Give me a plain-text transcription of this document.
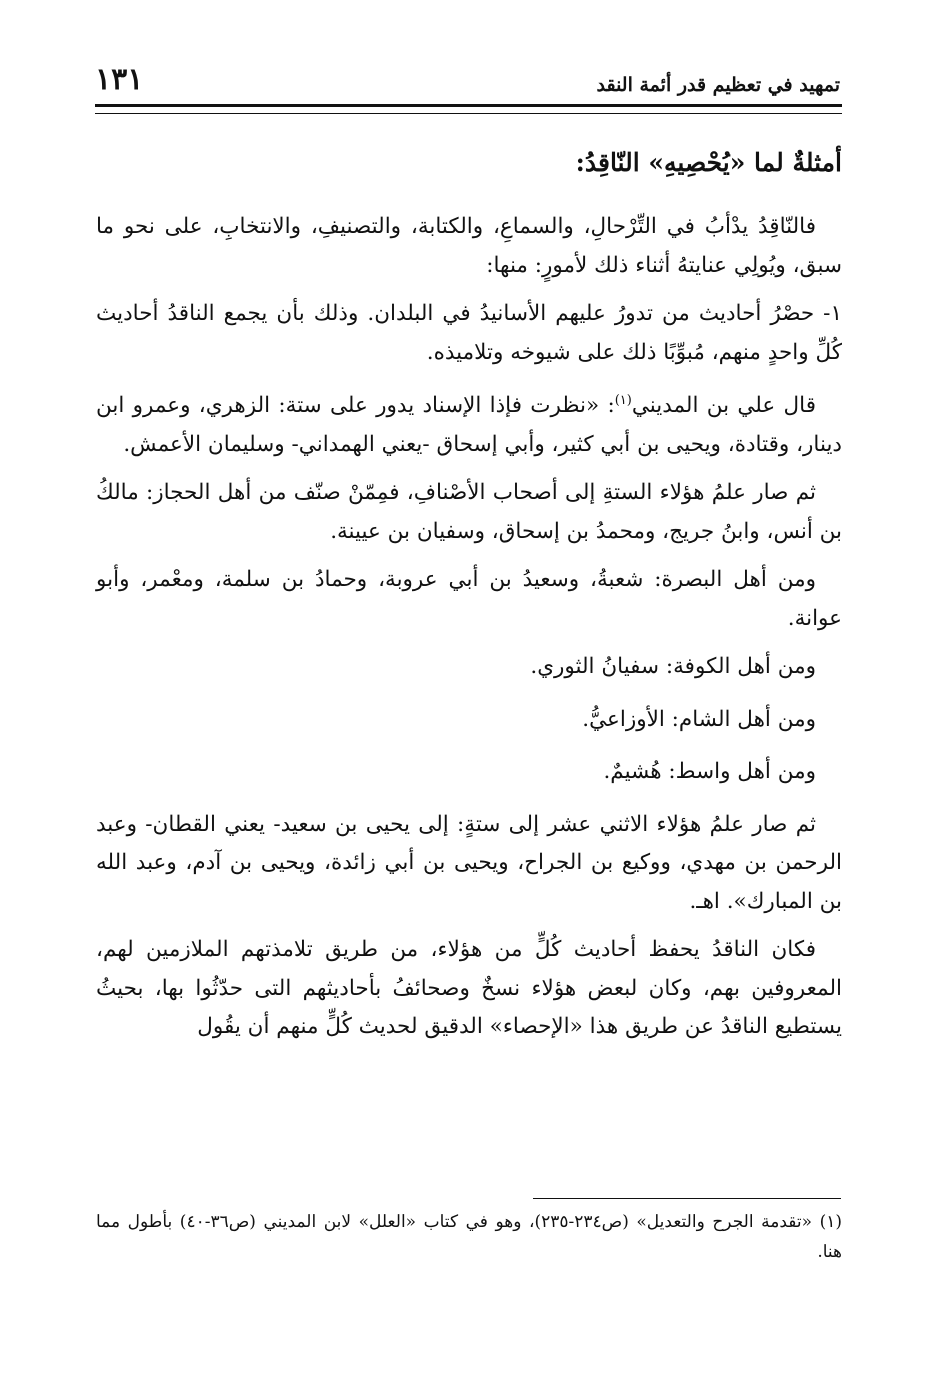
١٣١	تمهيد في تعظيم قدر أئمة النقد
أمثلةٌ لما «يُحْصِيهِ» النّاقِدُ:

فالنّاقِدُ يدْأبُ في التِّرْحالِ، والسماعِ، والكتابة، والتصنيفِ، والانتخابِ، على نحو ما سبق، ويُولِي عنايتهُ أثناء ذلك لأمورٍ: منها:

١- حصْرُ أحاديث من تدورُ عليهم الأسانيدُ في البلدان. وذلك بأن يجمع الناقدُ أحاديث كُلِّ واحدٍ منهم، مُبوِّبًا ذلك على شيوخه وتلاميذه.

قال علي بن المديني$^{(١)}$: «نظرت فإذا الإسناد يدور على ستة: الزهري، وعمرو ابن دينار، وقتادة، ويحيى بن أبي كثير، وأبي إسحاق -يعني الهمداني- وسليمان الأعمش.

ثم صار علمُ هؤلاء الستةِ إلى أصحاب الأصْنافِ، فمِمّنْ صنّف من أهل الحجاز: مالكُ بن أنس، وابنُ جريج، ومحمدُ بن إسحاق، وسفيان بن عيينة.

ومن أهل البصرة: شعبةُ، وسعيدُ بن أبي عروبة، وحمادُ بن سلمة، ومعْمر، وأبو عوانة.

ومن أهل الكوفة: سفيانُ الثوري.

ومن أهل الشام: الأوزاعيُّ.

ومن أهل واسط: هُشيمٌ.

ثم صار علمُ هؤلاء الاثني عشر إلى ستةٍ: إلى يحيى بن سعيد- يعني القطان- وعبد الرحمن بن مهدي، ووكيع بن الجراح، ويحيى بن أبي زائدة، ويحيى بن آدم، وعبد الله بن المبارك». اهـ.

فكان الناقدُ يحفظ أحاديث كُلٍّ من هؤلاء، من طريق تلامذتهم الملازمين لهم، المعروفين بهم، وكان لبعض هؤلاء نسخٌ وصحائفُ بأحاديثهم التى حدّثُوا بها، بحيثُ يستطيع الناقدُ عن طريق هذا «الإحصاء» الدقيق لحديث كُلٍّ منهم أن يقُول

(١) «تقدمة الجرح والتعديل» (ص٢٣٤-٢٣٥)، وهو في كتاب «العلل» لابن المديني (ص٣٦-٤٠) بأطول مما هنا.
